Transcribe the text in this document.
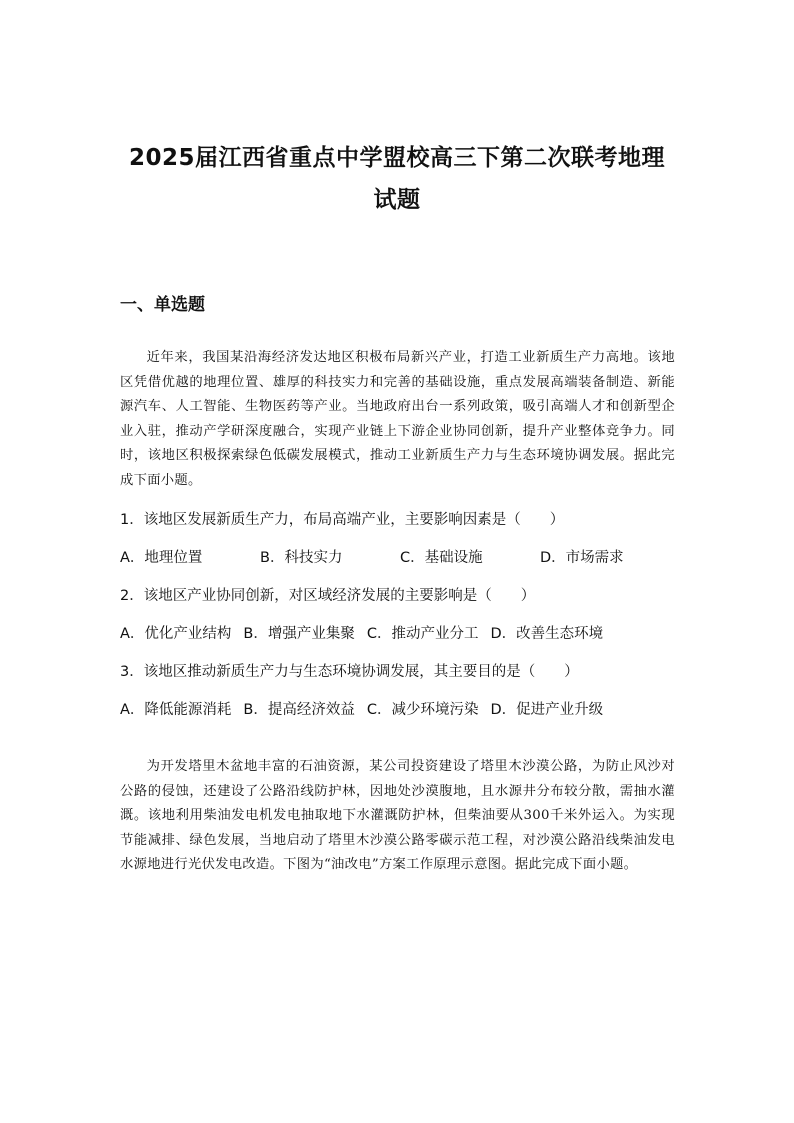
2025届江西省重点中学盟校高三下第二次联考地理
试题
一、单选题

近年来，我国某沿海经济发达地区积极布局新兴产业，打造工业新质生产力高地。该地区凭借优越的地理位置、雄厚的科技实力和完善的基础设施，重点发展高端装备制造、新能源汽车、人工智能、生物医药等产业。当地政府出台一系列政策，吸引高端人才和创新型企业入驻，推动产学研深度融合，实现产业链上下游企业协同创新，提升产业整体竞争力。同时，该地区积极探索绿色低碳发展模式，推动工业新质生产力与生态环境协调发展。据此完成下面小题。

1．该地区发展新质生产力，布局高端产业，主要影响因素是（　　）
A．地理位置	B．科技实力	C．基础设施	D．市场需求
2．该地区产业协同创新，对区域经济发展的主要影响是（　　）
A．优化产业结构 B．增强产业集聚 C．推动产业分工 D．改善生态环境
3．该地区推动新质生产力与生态环境协调发展，其主要目的是（　　）
A．降低能源消耗 B．提高经济效益 C．减少环境污染 D．促进产业升级

为开发塔里木盆地丰富的石油资源，某公司投资建设了塔里木沙漠公路，为防止风沙对公路的侵蚀，还建设了公路沿线防护林，因地处沙漠腹地，且水源井分布较分散，需抽水灌溉。该地利用柴油发电机发电抽取地下水灌溉防护林，但柴油要从300千米外运入。为实现节能减排、绿色发展，当地启动了塔里木沙漠公路零碳示范工程，对沙漠公路沿线柴油发电水源地进行光伏发电改造。下图为“油改电”方案工作原理示意图。据此完成下面小题。
